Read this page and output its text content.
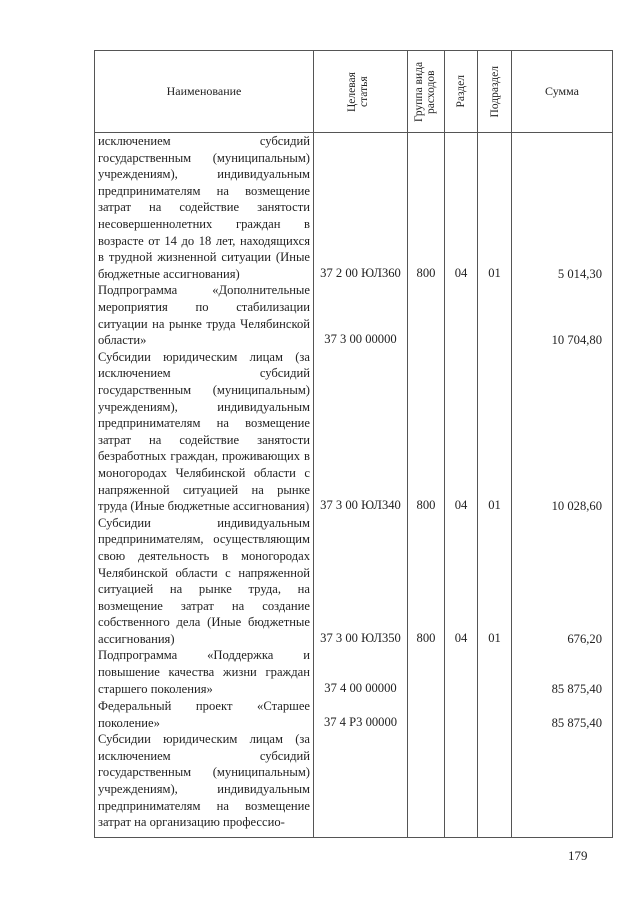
Наименование	Целевая статья	Группа вида расходов	Раздел	Подраздел	Сумма

исключением субсидий государственным (муниципальным) учреждениям), индивидуальным предпринимателям на возмещение затрат на содействие занятости несовершеннолетних граждан в возрасте от 14 до 18 лет, находящихся в трудной жизненной ситуации (Иные бюджетные ассигнования)	37 2 00 ЮЛ360	800	04	01	5 014,30

Подпрограмма «Дополнительные мероприятия по стабилизации ситуации на рынке труда Челябинской области»	37 3 00 00000				10 704,80

Субсидии юридическим лицам (за исключением субсидий государственным (муниципальным) учреждениям), индивидуальным предпринимателям на возмещение затрат на содействие занятости безработных граждан, проживающих в моногородах Челябинской области с напряженной ситуацией на рынке труда (Иные бюджетные ассигнования)	37 3 00 ЮЛ340	800	04	01	10 028,60

Субсидии индивидуальным предпринимателям, осуществляющим свою деятельность в моногородах Челябинской области с напряженной ситуацией на рынке труда, на возмещение затрат на создание собственного дела (Иные бюджетные ассигнования)	37 3 00 ЮЛ350	800	04	01	676,20

Подпрограмма «Поддержка и повышение качества жизни граждан старшего поколения»	37 4 00 00000				85 875,40

Федеральный проект «Старшее поколение»	37 4 P3 00000				85 875,40

Субсидии юридическим лицам (за исключением субсидий государственным (муниципальным) учреждениям), индивидуальным предпринимателям на возмещение затрат на организацию профессио-					

179
